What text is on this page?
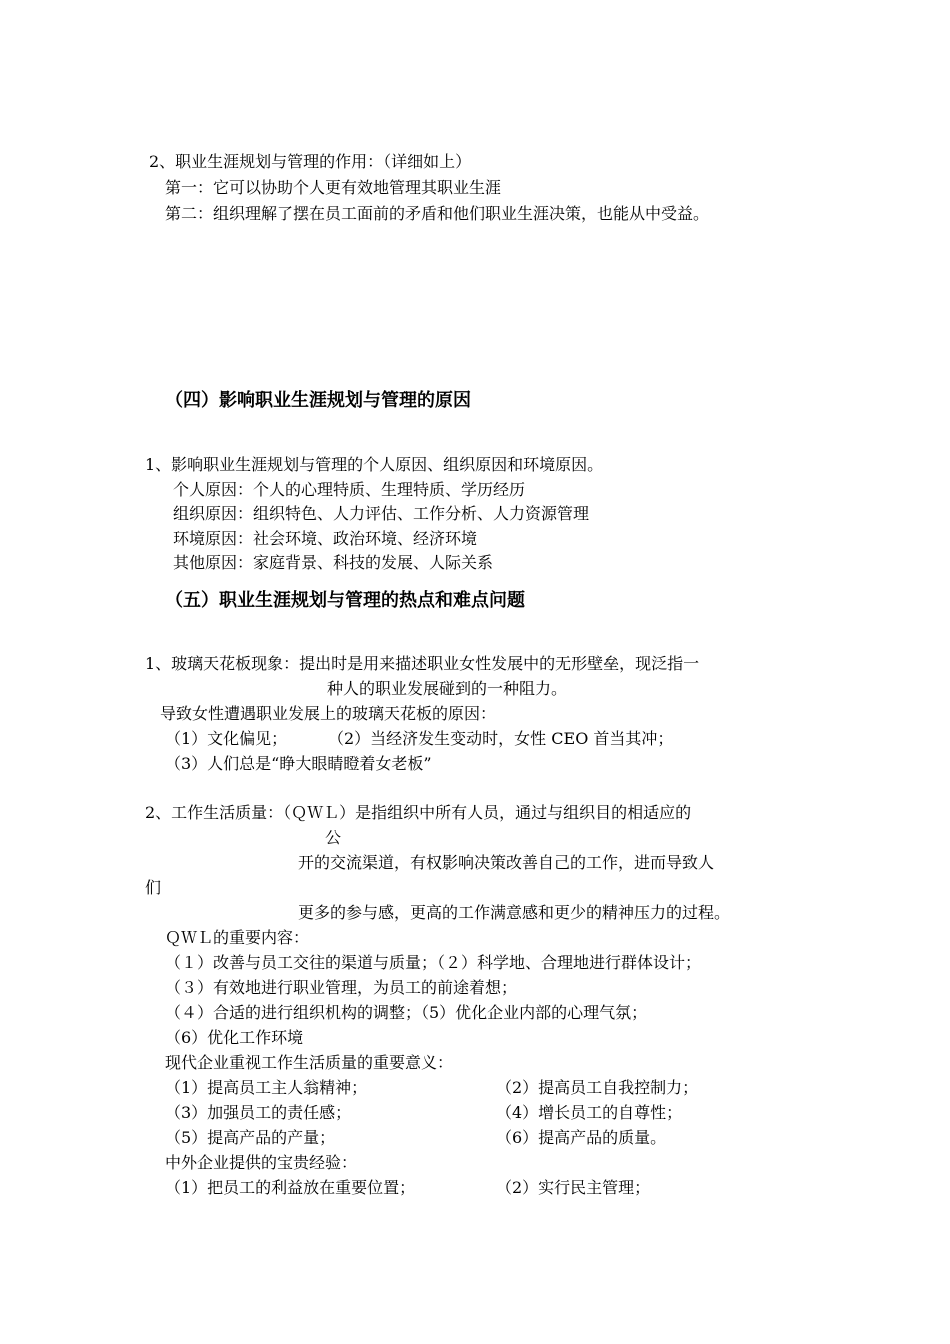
2、职业生涯规划与管理的作用：（详细如上）
第一：它可以协助个人更有效地管理其职业生涯
第二：组织理解了摆在员工面前的矛盾和他们职业生涯决策，也能从中受益。
（四）影响职业生涯规划与管理的原因
1、影响职业生涯规划与管理的个人原因、组织原因和环境原因。
个人原因：个人的心理特质、生理特质、学历经历
组织原因：组织特色、人力评估、工作分析、人力资源管理
环境原因：社会环境、政治环境、经济环境
其他原因：家庭背景、科技的发展、人际关系
（五）职业生涯规划与管理的热点和难点问题
1、玻璃天花板现象：提出时是用来描述职业女性发展中的无形壁垒，现泛指一
种人的职业发展碰到的一种阻力。
导致女性遭遇职业发展上的玻璃天花板的原因：
（1）文化偏见；	（2）当经济发生变动时，女性 CEO 首当其冲；
（3）人们总是“睁大眼睛瞪着女老板”
2、工作生活质量：（ＱＷＬ）是指组织中所有人员，通过与组织目的相适应的
公
开的交流渠道，有权影响决策改善自己的工作，进而导致人
们
更多的参与感，更高的工作满意感和更少的精神压力的过程。
ＱＷＬ的重要内容：
（１）改善与员工交往的渠道与质量；（２）科学地、合理地进行群体设计；
（３）有效地进行职业管理，为员工的前途着想；
（４）合适的进行组织机构的调整；（5）优化企业内部的心理气氛；
（6）优化工作环境
现代企业重视工作生活质量的重要意义：
（1）提高员工主人翁精神；	（2）提高员工自我控制力；
（3）加强员工的责任感；	（4）增长员工的自尊性；
（5）提高产品的产量；	（6）提高产品的质量。
中外企业提供的宝贵经验：
（1）把员工的利益放在重要位置；	（2）实行民主管理；
